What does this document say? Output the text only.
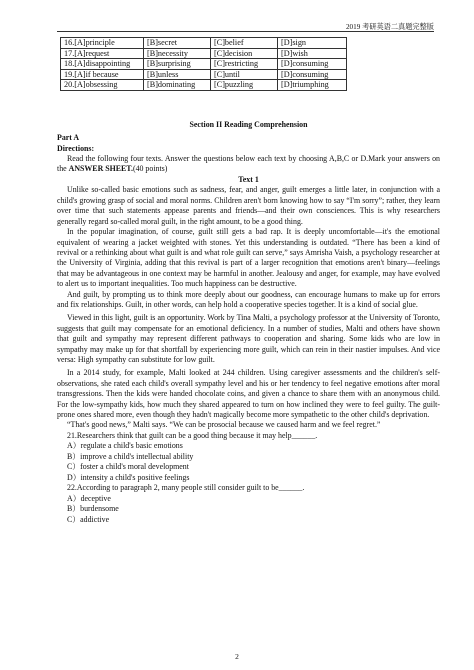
2019 考研英语二真题完整版
16.[A]principle	[B]secret	[C]belief	[D]sign
17.[A]request	[B]necessity	[C]decision	[D]wish
18.[A]disappointing	[B]surprising	[C]restricting	[D]consuming
19.[A]if because	[B]unless	[C]until	[D]consuming
20.[A]obsessing	[B]dominating	[C]puzzling	[D]triumphing

Section II Reading Comprehension

Part A

Directions:

Read the following four texts. Answer the questions below each text by choosing A,B,C or D.Mark your answers on the ANSWER SHEET.(40 points)

Text 1

Unlike so-called basic emotions such as sadness, fear, and anger, guilt emerges a little later, in conjunction with a child's growing grasp of social and moral norms. Children aren't born knowing how to say “I'm sorry”; rather, they learn over time that such statements appease parents and friends—and their own consciences. This is why researchers generally regard so-called moral guilt, in the right amount, to be a good thing.

In the popular imagination, of course, guilt still gets a bad rap. It is deeply uncomfortable—it's the emotional equivalent of wearing a jacket weighted with stones. Yet this understanding is outdated. “There has been a kind of revival or a rethinking about what guilt is and what role guilt can serve,” says Amrisha Vaish, a psychology researcher at the University of Virginia, adding that this revival is part of a larger recognition that emotions aren't binary—feelings that may be advantageous in one context may be harmful in another. Jealousy and anger, for example, may have evolved to alert us to important inequalities. Too much happiness can be destructive.

And guilt, by prompting us to think more deeply about our goodness, can encourage humans to make up for errors and fix relationships. Guilt, in other words, can help hold a cooperative species together. It is a kind of social glue.

Viewed in this light, guilt is an opportunity. Work by Tina Malti, a psychology professor at the University of Toronto, suggests that guilt may compensate for an emotional deficiency. In a number of studies, Malti and others have shown that guilt and sympathy may represent different pathways to cooperation and sharing. Some kids who are low in sympathy may make up for that shortfall by experiencing more guilt, which can rein in their nastier impulses. And vice versa: High sympathy can substitute for low guilt.

In a 2014 study, for example, Malti looked at 244 children. Using caregiver assessments and the children's self-observations, she rated each child's overall sympathy level and his or her tendency to feel negative emotions after moral transgressions. Then the kids were handed chocolate coins, and given a chance to share them with an anonymous child. For the low-sympathy kids, how much they shared appeared to turn on how inclined they were to feel guilty. The guilt-prone ones shared more, even though they hadn't magically become more sympathetic to the other child's deprivation.

“That's good news,” Malti says. “We can be prosocial because we caused harm and we feel regret.”

21.Researchers think that guilt can be a good thing because it may help______.

A）regulate a child's basic emotions

B）improve a child's intellectual ability

C）foster a child's moral development

D）intensity a child's positive feelings

22.According to paragraph 2, many people still consider guilt to be______.

A）deceptive

B）burdensome

C）addictive

2
